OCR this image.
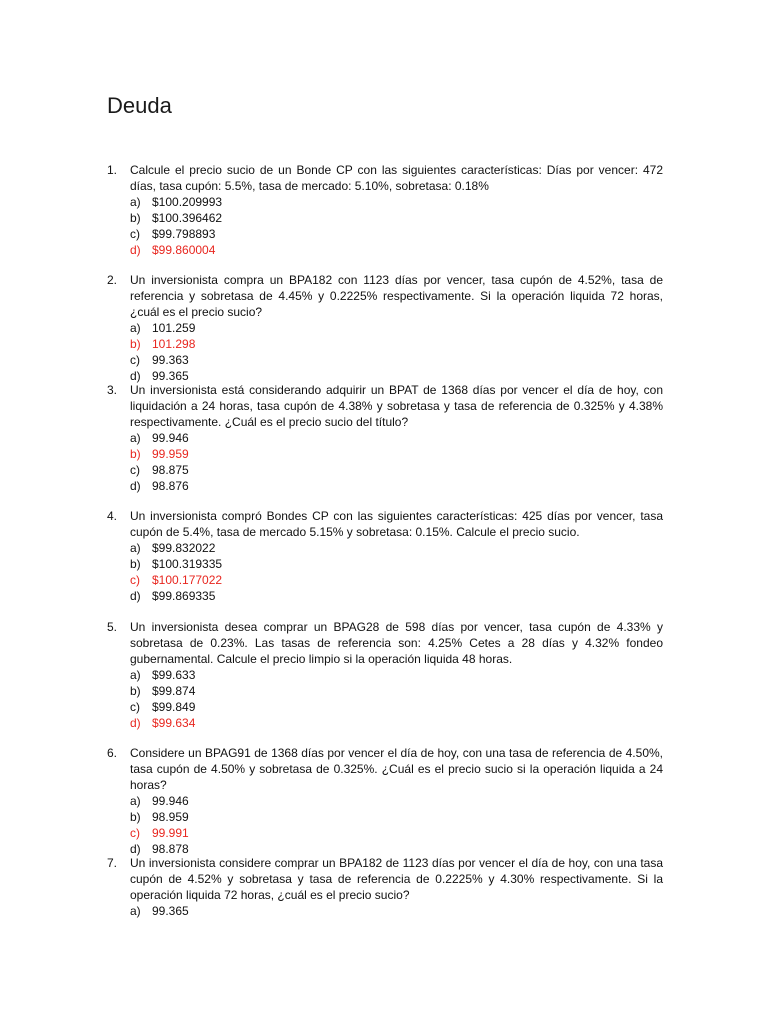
Deuda
1.	Calcule el precio sucio de un Bonde CP con las siguientes características: Días por vencer: 472 días, tasa cupón: 5.5%, tasa de mercado: 5.10%, sobretasa: 0.18%
a) $100.209993
b) $100.396462
c)	$99.798893
d) $99.860004
2.	Un inversionista compra un BPA182 con 1123 días por vencer, tasa cupón de 4.52%, tasa de referencia y sobretasa de 4.45% y 0.2225% respectivamente. Si la operación liquida 72 horas, ¿cuál es el precio sucio?
a) 101.259
b) 101.298
c)	99.363
d) 99.365
3.	Un inversionista está considerando adquirir un BPAT de 1368 días por vencer el día de hoy, con liquidación a 24 horas, tasa cupón de 4.38% y sobretasa y tasa de referencia de 0.325% y 4.38% respectivamente. ¿Cuál es el precio sucio del título?
a) 99.946
b) 99.959
c)	98.875
d) 98.876
4.	Un inversionista compró Bondes CP con las siguientes características: 425 días por vencer, tasa cupón de 5.4%, tasa de mercado 5.15% y sobretasa: 0.15%. Calcule el precio sucio.
a) $99.832022
b) $100.319335
c)	$100.177022
d) $99.869335
5.	Un inversionista desea comprar un BPAG28 de 598 días por vencer, tasa cupón de 4.33% y sobretasa de 0.23%. Las tasas de referencia son: 4.25% Cetes a 28 días y 4.32% fondeo gubernamental. Calcule el precio limpio si la operación liquida 48 horas.
a) $99.633
b) $99.874
c)	$99.849
d) $99.634
6.	Considere un BPAG91 de 1368 días por vencer el día de hoy, con una tasa de referencia de 4.50%, tasa cupón de 4.50% y sobretasa de 0.325%. ¿Cuál es el precio sucio si la operación liquida a 24 horas?
a) 99.946
b) 98.959
c)	99.991
d) 98.878
7.	Un inversionista considere comprar un BPA182 de 1123 días por vencer el día de hoy, con una tasa cupón de 4.52% y sobretasa y tasa de referencia de 0.2225% y 4.30% respectivamente. Si la operación liquida 72 horas, ¿cuál es el precio sucio?
a) 99.365
